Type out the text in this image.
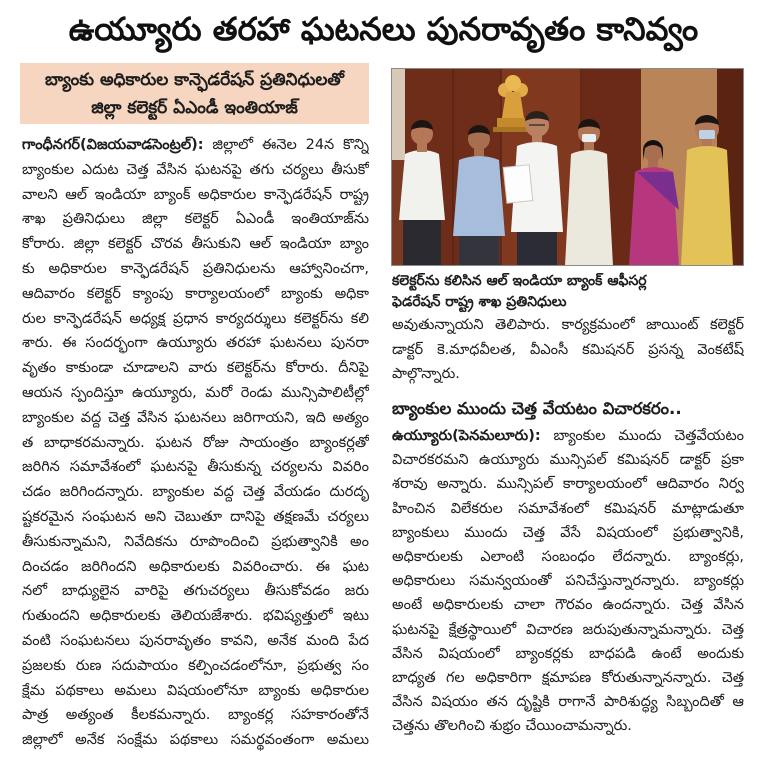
ఉయ్యూరు తరహా ఘటనలు పునరావృతం కానివ్వం
బ్యాంకు అధికారుల కాన్ఫెడరేషన్ ప్రతినిధులతో
జిల్లా కలెక్టర్ ఏఎండీ ఇంతియాజ్
గాంధీనగర్(విజయవాడసెంట్రల్): జిల్లాలో ఈనెల 24న కొన్ని
బ్యాంకుల ఎదుట చెత్త వేసిన ఘటనపై తగు చర్యలు తీసుకో
వాలని ఆల్ ఇండియా బ్యాంక్ అధికారుల కాన్ఫెడరేషన్ రాష్ట్ర
శాఖ ప్రతినిధులు జిల్లా కలెక్టర్ ఏఎండీ ఇంతియాజ్‌ను
కోరారు. జిల్లా కలెక్టర్ చొరవ తీసుకుని ఆల్ ఇండియా బ్యాం
కు అధికారుల కాన్ఫెడరేషన్ ప్రతినిధులను ఆహ్వానించగా,
ఆదివారం కలెక్టర్ క్యాంపు కార్యాలయంలో బ్యాంకు అధికా
రుల కాన్ఫెడరేషన్ అధ్యక్ష ప్రధాన కార్యదర్శులు కలెక్టర్‌ను కలి
శారు. ఈ సందర్భంగా ఉయ్యూరు తరహా ఘటనలు పునరా
వృతం కాకుండా చూడాలని వారు కలెక్టర్‌ను కోరారు. దీనిపై
ఆయన స్పందిస్తూ ఉయ్యూరు, మరో రెండు మున్సిపాలిటీల్లో
బ్యాంకుల వద్ద చెత్త వేసిన ఘటనలు జరిగాయని, ఇది అత్యం
త బాధాకరమన్నారు. ఘటన రోజు సాయంత్రం బ్యాంకర్లతో
జరిగిన సమావేశంలో ఘటనపై తీసుకున్న చర్యలను వివరిం
చడం జరిగిందన్నారు. బ్యాంకుల వద్ద చెత్త వేయడం దురదృ
ష్టకరమైన సంఘటన అని చెబుతూ దానిపై తక్షణమే చర్యలు
తీసుకున్నామని, నివేదికను రూపొందించి ప్రభుత్వానికి అం
దించడం జరిగిందని అధికారులకు వివరించారు. ఈ ఘట
నలో బాధ్యులైన వారిపై తగుచర్యలు తీసుకోవడం జరు
గుతుందని అధికారులకు తెలియజేశారు. భవిష్యత్తులో ఇటు
వంటి సంఘటనలు పునరావృతం కావని, అనేక మంది పేద
ప్రజలకు రుణ సదుపాయం కల్పించడంలోనూ, ప్రభుత్వ సం
క్షేమ పథకాలు అమలు విషయంలోనూ బ్యాంకు అధికారుల
పాత్ర అత్యంత కీలకమన్నారు. బ్యాంకర్ల సహకారంతోనే
జిల్లాలో అనేక సంక్షేమ పథకాలు సమర్థవంతంగా అమలు
కలెక్టర్‌ను కలిసిన ఆల్ ఇండియా బ్యాంక్ ఆఫీసర్ల
ఫెడరేషన్ రాష్ట్ర శాఖ ప్రతినిధులు
అవుతున్నాయని తెలిపారు. కార్యక్రమంలో జాయింట్ కలెక్టర్
డాక్టర్ కె.మాధవీలత, వీఎంసీ కమిషనర్ ప్రసన్న వెంకటేష్
పాల్గొన్నారు.
బ్యాంకుల ముందు చెత్త వేయటం విచారకరం..
ఉయ్యూరు(పెనమలూరు): బ్యాంకుల ముందు చెత్తవేయటం
విచారకరమని ఉయ్యూరు మున్సిపల్ కమిషనర్ డాక్టర్ ప్రకా
శరావు అన్నారు. మున్సిపల్ కార్యాలయంలో ఆదివారం నిర్వ
హించిన విలేకరుల సమావేశంలో కమిషనర్ మాట్లాడుతూ
బ్యాంకులు ముందు చెత్త వేసే విషయంలో ప్రభుత్వానికి,
అధికారులకు ఎలాంటి సంబంధం లేదన్నారు. బ్యాంకర్లు,
అధికారులు సమన్వయంతో పనిచేస్తున్నారన్నారు. బ్యాంకర్లు
అంటే అధికారులకు చాలా గౌరవం ఉందన్నారు. చెత్త వేసిన
ఘటనపై క్షేత్రస్థాయిలో విచారణ జరుపుతున్నామన్నారు. చెత్త
వేసిన విషయంలో బ్యాంకర్లకు బాధపడి ఉంటే అందుకు
బాధ్యత గల అధికారిగా క్షమాపణ కోరుతున్నానన్నారు. చెత్త
వేసిన విషయం తన దృష్టికి రాగానే పారిశుద్ధ్య సిబ్బందితో ఆ
చెత్తను తొలగించి శుభ్రం చేయించామన్నారు.
